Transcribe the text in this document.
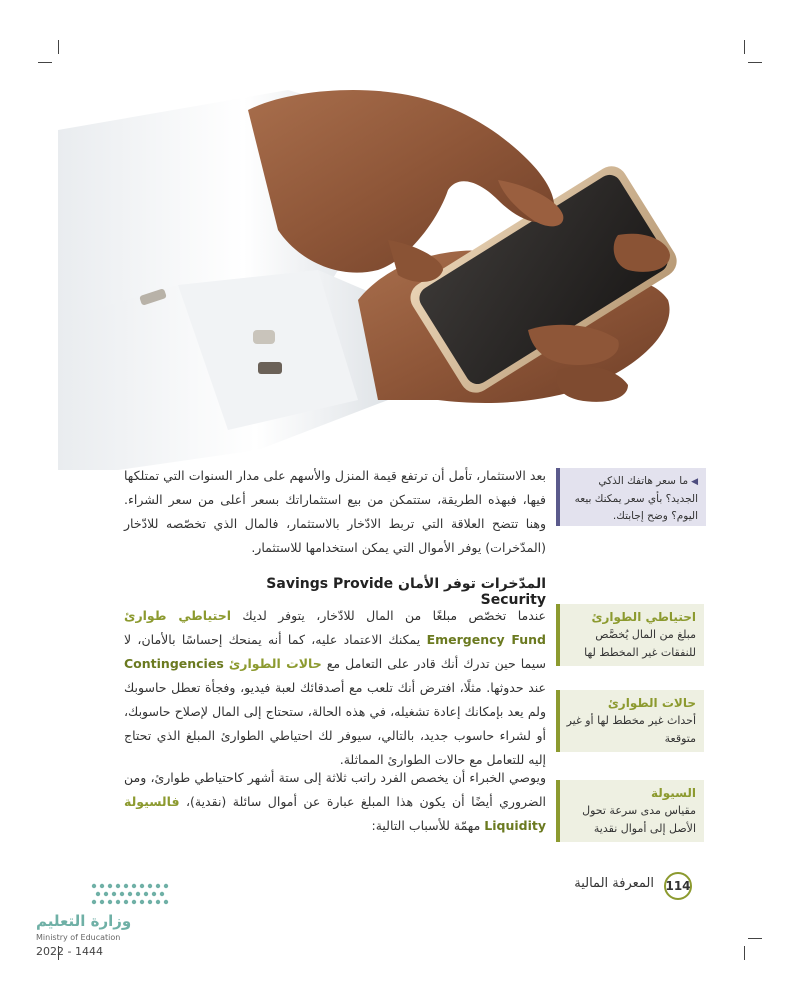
◀ما سعر هاتفك الذكي الجديد؟ بأي سعر يمكنك بيعه اليوم؟ وضح إجابتك.
بعد الاستثمار، تأمل أن ترتفع قيمة المنزل والأسهم على مدار السنوات التي تمتلكها فيها، فبهذه الطريقة، ستتمكن من بيع استثماراتك بسعر أعلى من سعر الشراء. وهنا تتضح العلاقة التي تربط الادّخار بالاستثمار، فالمال الذي تخصّصه للادّخار (المدّخرات) يوفر الأموال التي يمكن استخدامها للاستثمار.
المدّخرات توفر الأمان Savings Provide Security
عندما تخصّص مبلغًا من المال للادّخار، يتوفر لديك احتياطي طوارئ Emergency Fund يمكنك الاعتماد عليه، كما أنه يمنحك إحساسًا بالأمان، لا سيما حين تدرك أنك قادر على التعامل مع حالات الطوارئ Contingencies عند حدوثها. مثلًا، افترض أنك تلعب مع أصدقائك لعبة فيديو، وفجأة تعطل حاسوبك ولم يعد بإمكانك إعادة تشغيله، في هذه الحالة، ستحتاج إلى المال لإصلاح حاسوبك، أو لشراء حاسوب جديد، بالتالي، سيوفر لك احتياطي الطوارئ المبلغ الذي تحتاج إليه للتعامل مع حالات الطوارئ المماثلة.
ويوصي الخبراء أن يخصص الفرد راتب ثلاثة إلى ستة أشهر كاحتياطي طوارئ، ومن الضروري أيضًا أن يكون هذا المبلغ عبارة عن أموال سائلة (نقدية)، فالسيولة Liquidity مهمّة للأسباب التالية:
احتياطي الطوارئ
مبلغ من المال يُخصَّص للنفقات غير المخطط لها
حالات الطوارئ
أحداث غير مخطط لها أو غير متوقعة
السيولة
مقياس مدى سرعة تحول الأصل إلى أموال نقدية
114
المعرفة المالية
وزارة التعليم
Ministry of Education
2022 - 1444
